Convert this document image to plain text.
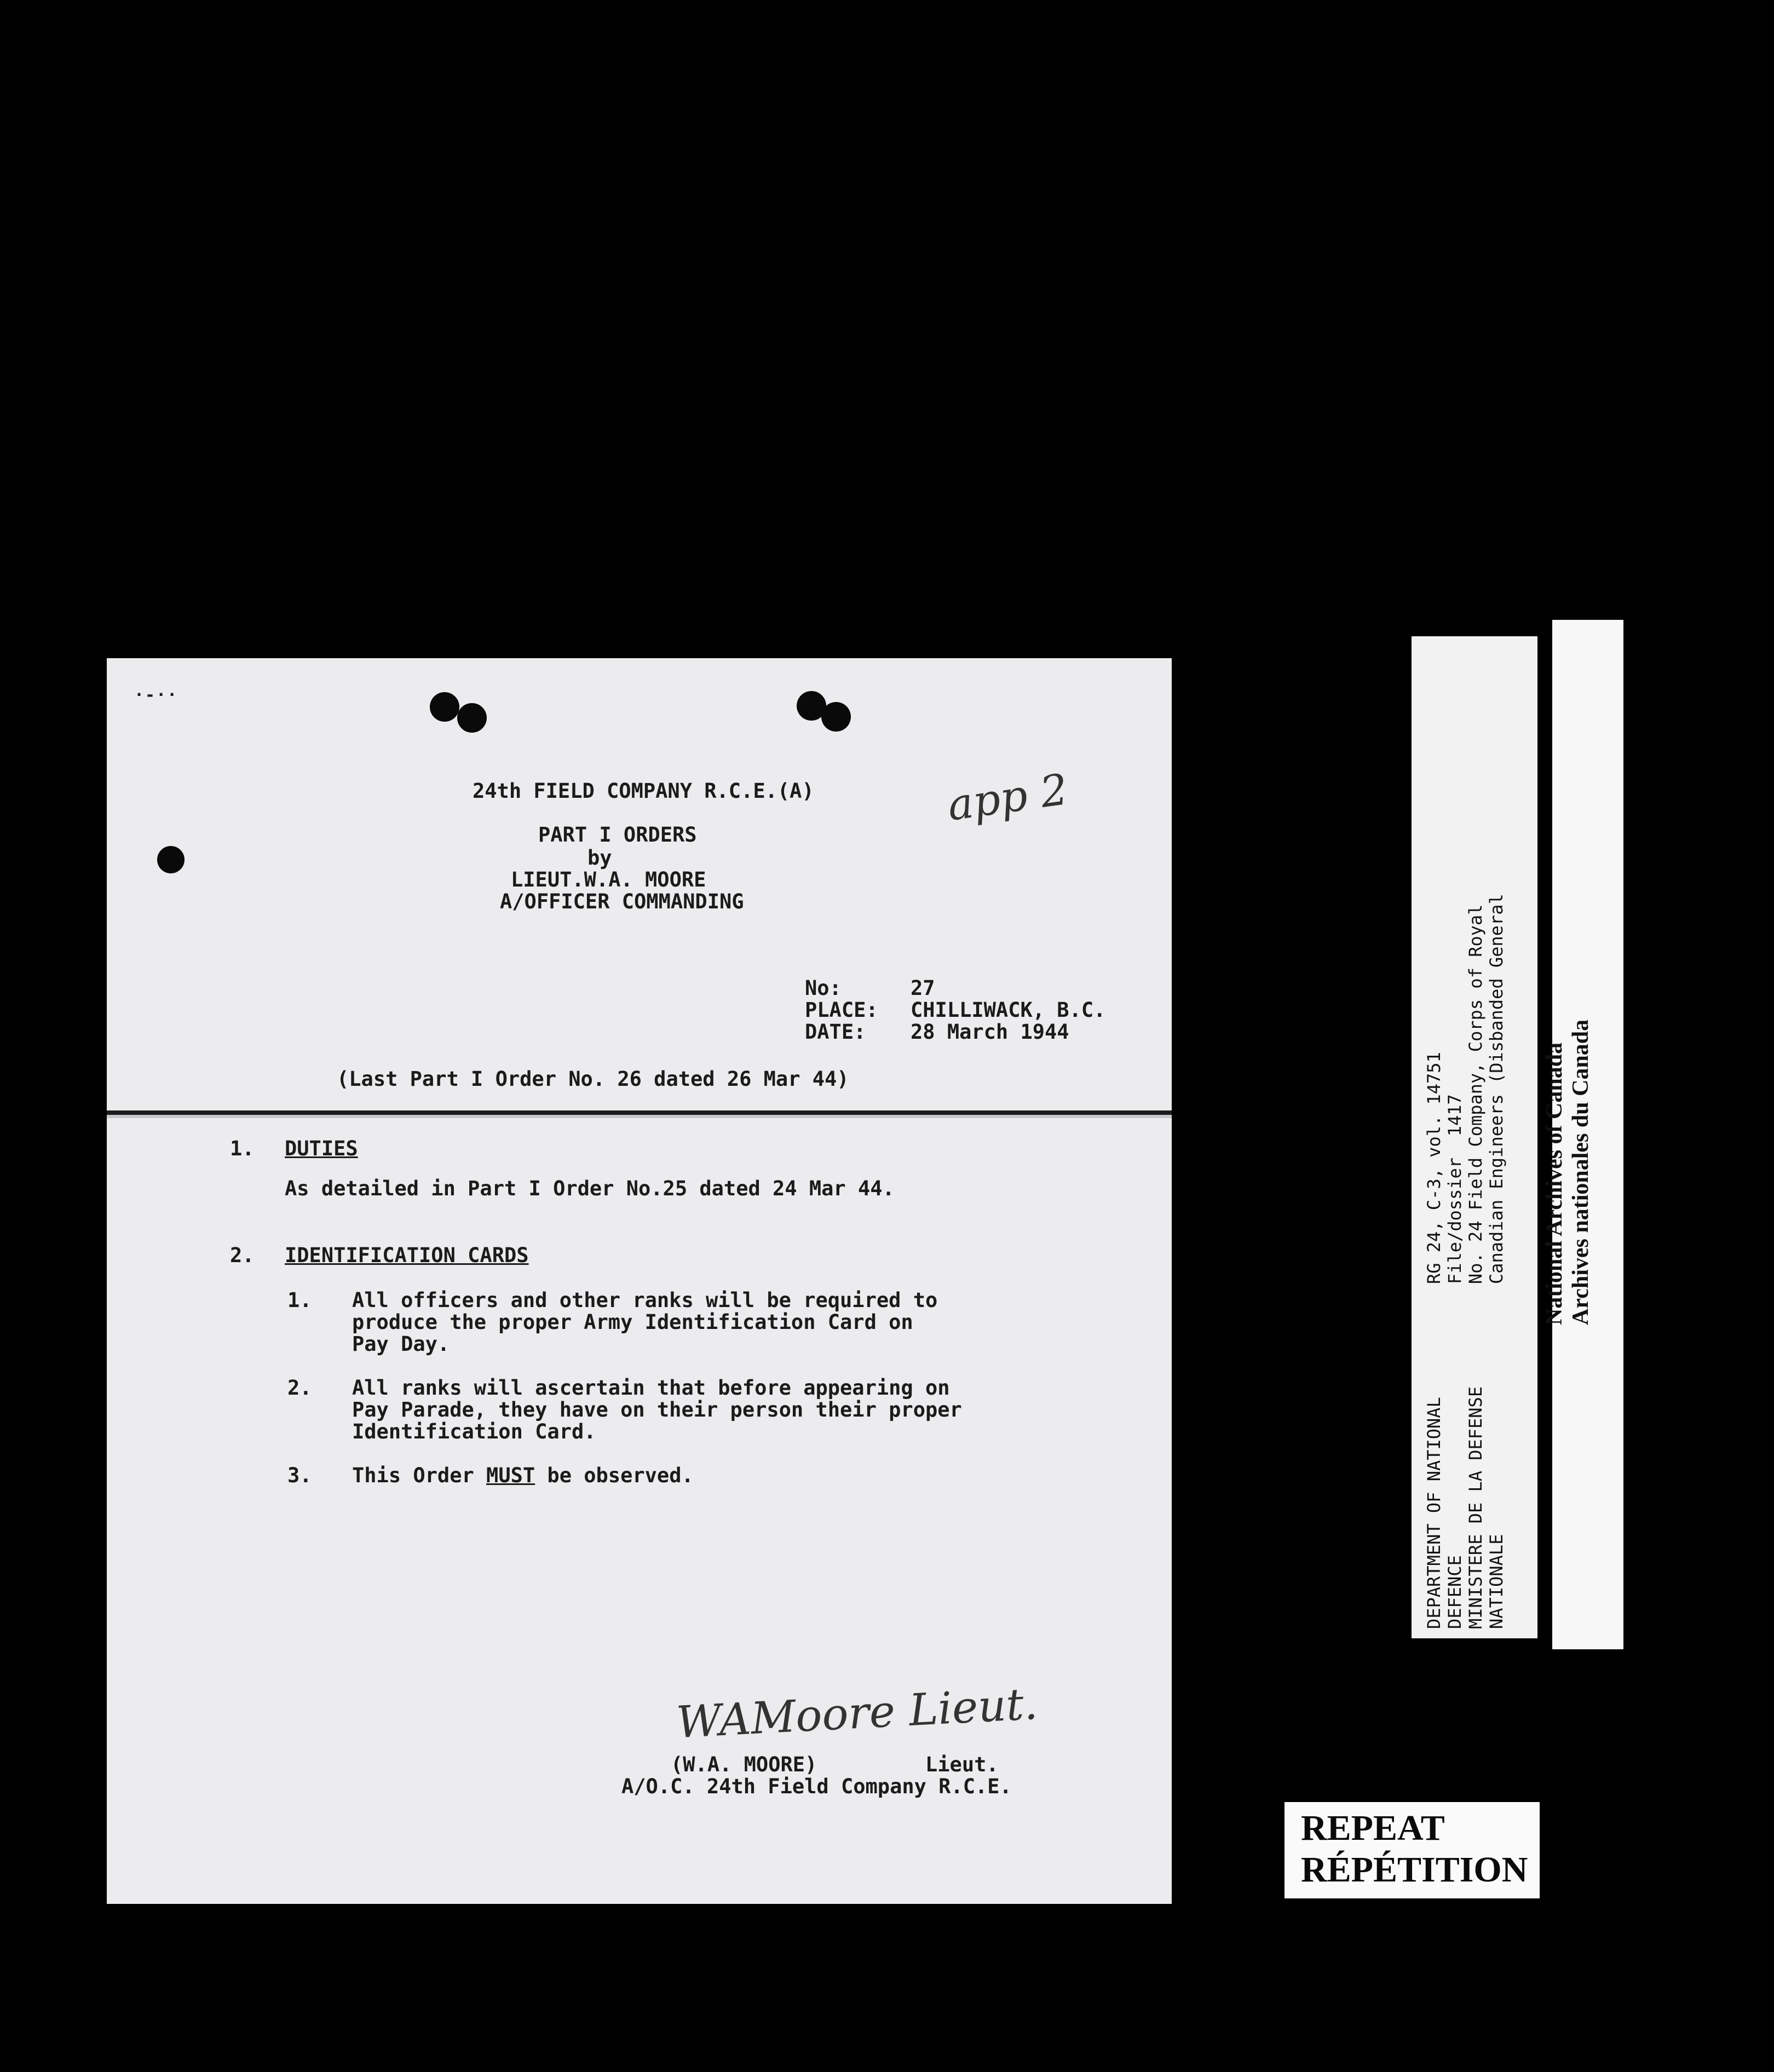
·-··
app 2
24th FIELD COMPANY R.C.E.(A)
PART I ORDERS
by
LIEUT.W.A. MOORE
A/OFFICER COMMANDING
No:	27
PLACE: CHILLIWACK, B.C.
DATE: 28 March 1944
(Last Part I Order No. 26 dated 26 Mar 44)
1. DUTIES
As detailed in Part I Order No.25 dated 24 Mar 44.
2. IDENTIFICATION CARDS
1. All officers and other ranks will be required to
produce the proper Army Identification Card on
Pay Day.
2. All ranks will ascertain that before appearing on
Pay Parade, they have on their person their proper
Identification Card.
3. This Order MUST be observed.
WAMoore Lieut.
(W.A. MOORE)	Lieut.
A/O.C. 24th Field Company R.C.E.
RG 24, C-3, vol. 14751 File/dossier  1417 No. 24 Field Company, Corps of Royal Canadian Engineers (Disbanded General
DEPARTMENT OF NATIONAL DEFENCE MINISTERE DE LA DEFENSE NATIONALE
National Archives of Canada Archives nationales du Canada
REPEAT
RÉPÉTITION
